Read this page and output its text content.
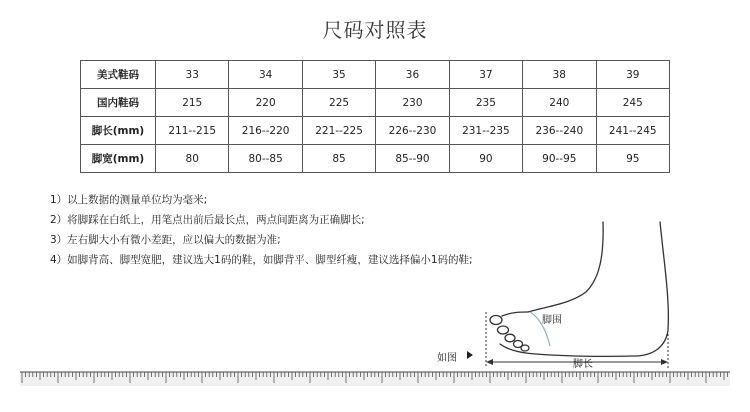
尺码对照表
美式鞋码	33	34	35	36	37	38	39
国内鞋码	215	220	225	230	235	240	245
脚长(mm)	211--215	216--220	221--225	226--230	231--235	236--240	241--245
脚宽(mm)	80	80--85	85	85--90	90	90--95	95
1）以上数据的测量单位均为毫米;
2）将脚踩在白纸上，用笔点出前后最长点，两点间距离为正确脚长;
3）左右脚大小有微小差距，应以偏大的数据为准;
4）如脚背高、脚型宽肥，建议选大1码的鞋，如脚背平、脚型纤瘦，建议选择偏小1码的鞋;
如图
脚围
脚长
